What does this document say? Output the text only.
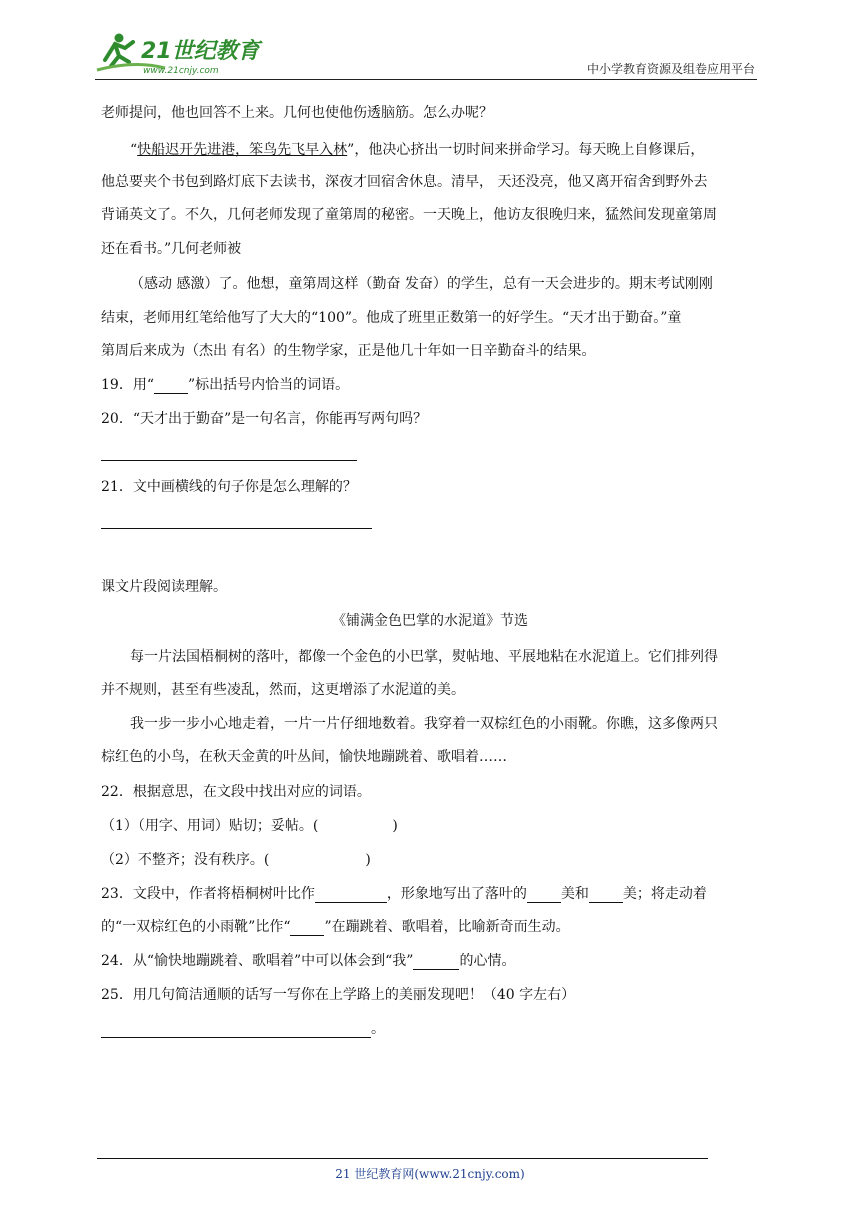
21世纪教育
www.21cnjy.com	中小学教育资源及组卷应用平台
老师提问，他也回答不上来。几何也使他伤透脑筋。怎么办呢？
“快船迟开先进港，笨鸟先飞早入林”，他决心挤出一切时间来拼命学习。每天晚上自修课后，
他总要夹个书包到路灯底下去读书，深夜才回宿舍休息。清早， 天还没亮，他又离开宿舍到野外去
背诵英文了。不久，几何老师发现了童第周的秘密。一天晚上，他访友很晚归来，猛然间发现童第周
还在看书。”几何老师被
（感动 感激）了。他想，童第周这样（勤奋 发奋）的学生，总有一天会进步的。期末考试刚刚
结束，老师用红笔给他写了大大的“100”。他成了班里正数第一的好学生。“天才出于勤奋。”童
第周后来成为（杰出 有名）的生物学家，正是他几十年如一日辛勤奋斗的结果。
19．用“ ”标出括号内恰当的词语。
20．“天才出于勤奋”是一句名言，你能再写两句吗？
21．文中画横线的句子你是怎么理解的？
课文片段阅读理解。
《铺满金色巴掌的水泥道》节选
每一片法国梧桐树的落叶，都像一个金色的小巴掌，熨帖地、平展地粘在水泥道上。它们排列得
并不规则，甚至有些凌乱，然而，这更增添了水泥道的美。
我一步一步小心地走着，一片一片仔细地数着。我穿着一双棕红色的小雨靴。你瞧，这多像两只
棕红色的小鸟，在秋天金黄的叶丛间，愉快地蹦跳着、歌唱着……
22．根据意思，在文段中找出对应的词语。
（1）（用字、用词）贴切；妥帖。(	)
（2）不整齐；没有秩序。(	)
23．文段中，作者将梧桐树叶比作	，形象地写出了落叶的 美和 美；将走动着
的“一双棕红色的小雨靴”比作“ ”在蹦跳着、歌唱着，比喻新奇而生动。
24．从“愉快地蹦跳着、歌唱着”中可以体会到“我”	的心情。
25．用几句简洁通顺的话写一写你在上学路上的美丽发现吧！（40 字左右）
。
21 世纪教育网(www.21cnjy.com)
